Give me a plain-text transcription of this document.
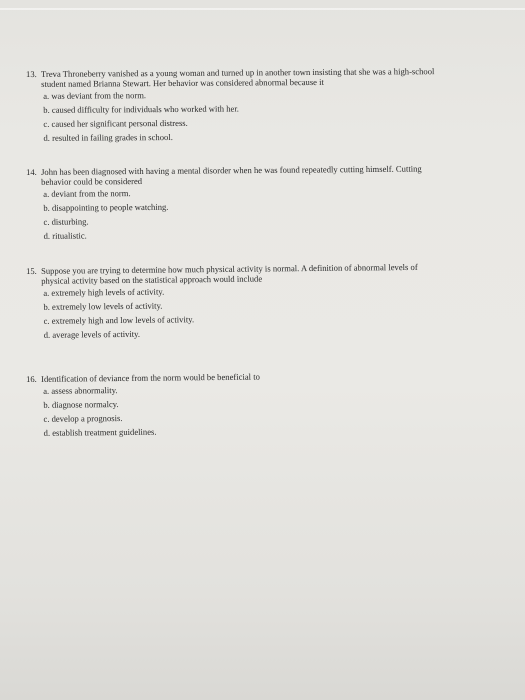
13. Treva Throneberry vanished as a young woman and turned up in another town insisting that she was a high-school
student named Brianna Stewart. Her behavior was considered abnormal because it
a. was deviant from the norm.
b. caused difficulty for individuals who worked with her.
c. caused her significant personal distress.
d. resulted in failing grades in school.
14. John has been diagnosed with having a mental disorder when he was found repeatedly cutting himself. Cutting
behavior could be considered
a. deviant from the norm.
b. disappointing to people watching.
c. disturbing.
d. ritualistic.
15. Suppose you are trying to determine how much physical activity is normal. A definition of abnormal levels of
physical activity based on the statistical approach would include
a. extremely high levels of activity.
b. extremely low levels of activity.
c. extremely high and low levels of activity.
d. average levels of activity.
16. Identification of deviance from the norm would be beneficial to
a. assess abnormality.
b. diagnose normalcy.
c. develop a prognosis.
d. establish treatment guidelines.
